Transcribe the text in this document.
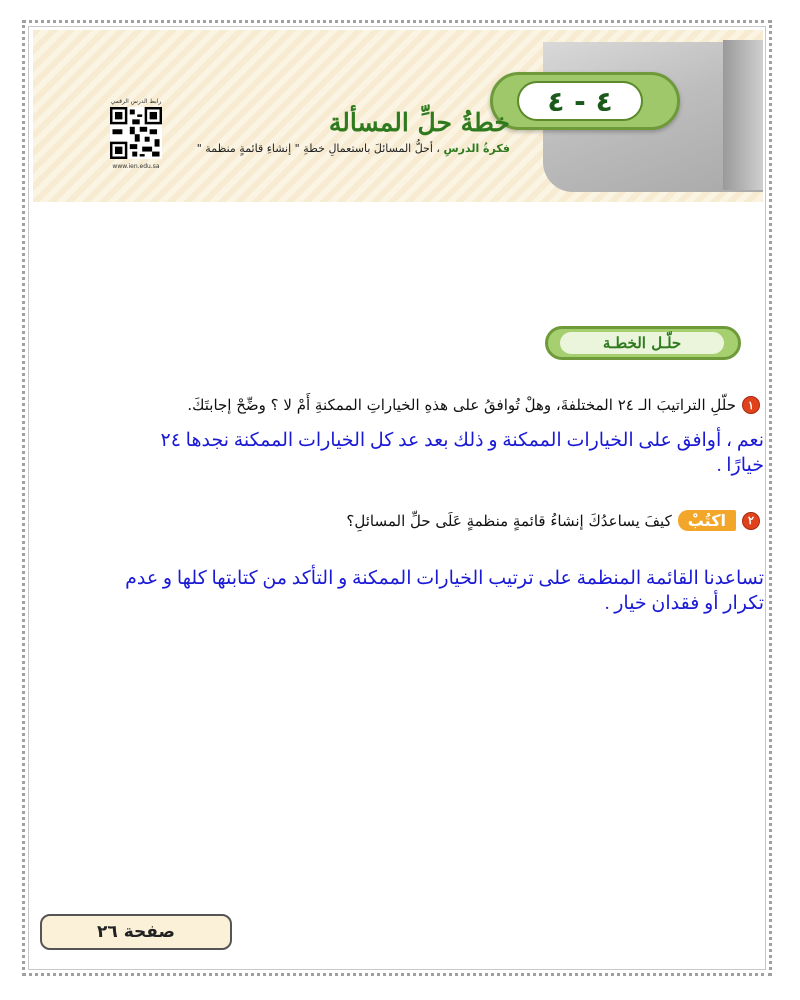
٤ - ٤
خطةُ حلِّ المسألة
فكرةُ الدرسِ ، أحلُّ المسائلَ باستعمالِ خطةِ " إنشاءِ قائمةٍ منظمة "
رابط الدرس الرقمي
www.ien.edu.sa
حلّـل الخطـة
١
حلّلِ التراتيبَ الـ ٢٤ المختلفةَ، وهلْ تُوافقُ على هذهِ الخياراتِ الممكنةِ أَمْ لا ؟ وضِّحْ إجابتَكَ.
نعم ، أوافق على الخيارات الممكنة و ذلك بعد عد كل الخيارات الممكنة نجدها ٢٤
خيارًا .
٢
اكتُبْ
كيفَ يساعدُكَ إنشاءُ قائمةٍ منظمةٍ عَلَى حلِّ المسائلِ؟
تساعدنا القائمة المنظمة على ترتيب الخيارات الممكنة و التأكد من كتابتها كلها و عدم
تكرار أو فقدان خيار .
صفحة ٢٦
